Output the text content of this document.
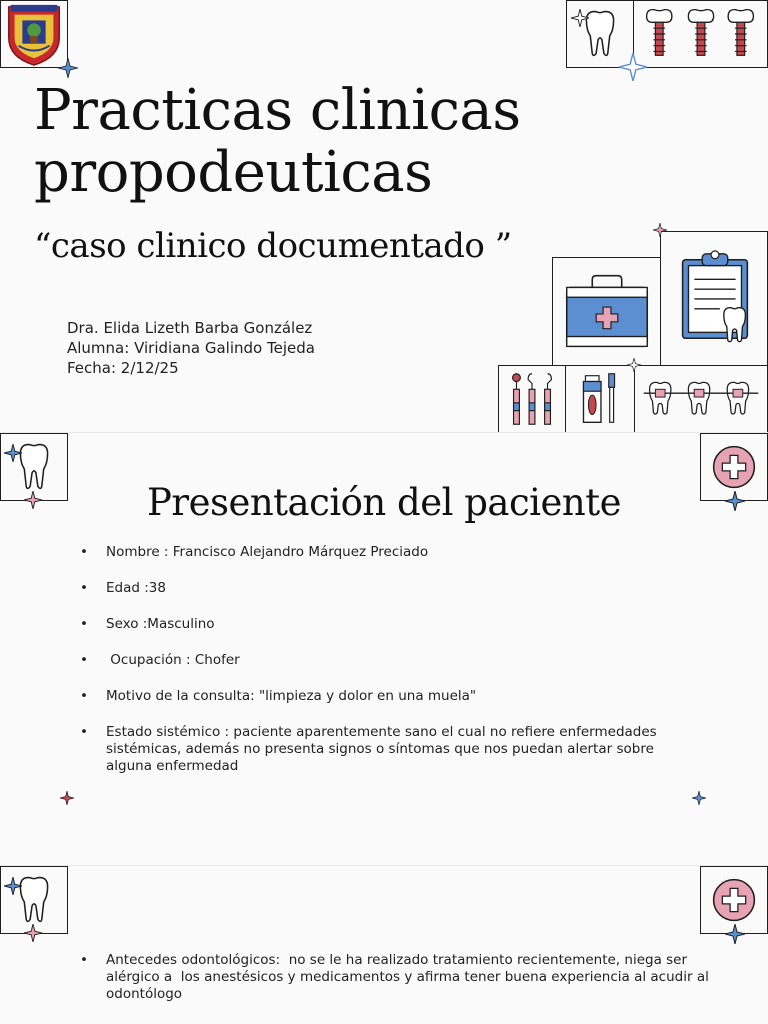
Practicas clinicas
propodeuticas
“caso clinico documentado ”
Dra. Elida Lizeth Barba González
Alumna: Viridiana Galindo Tejeda
Fecha: 2/12/25
Presentación del paciente
• Nombre : Francisco Alejandro Márquez Preciado
• Edad :38
• Sexo :Masculino
•  Ocupación : Chofer
• Motivo de la consulta: "limpieza y dolor en una muela"
• Estado sistémico : paciente aparentemente sano el cual no refiere enfermedades sistémicas, además no presenta signos o síntomas que nos puedan alertar sobre alguna enfermedad
• Antecedes odontológicos:  no se le ha realizado tratamiento recientemente, niega ser alérgico a  los anestésicos y medicamentos y afirma tener buena experiencia al acudir al odontólogo
